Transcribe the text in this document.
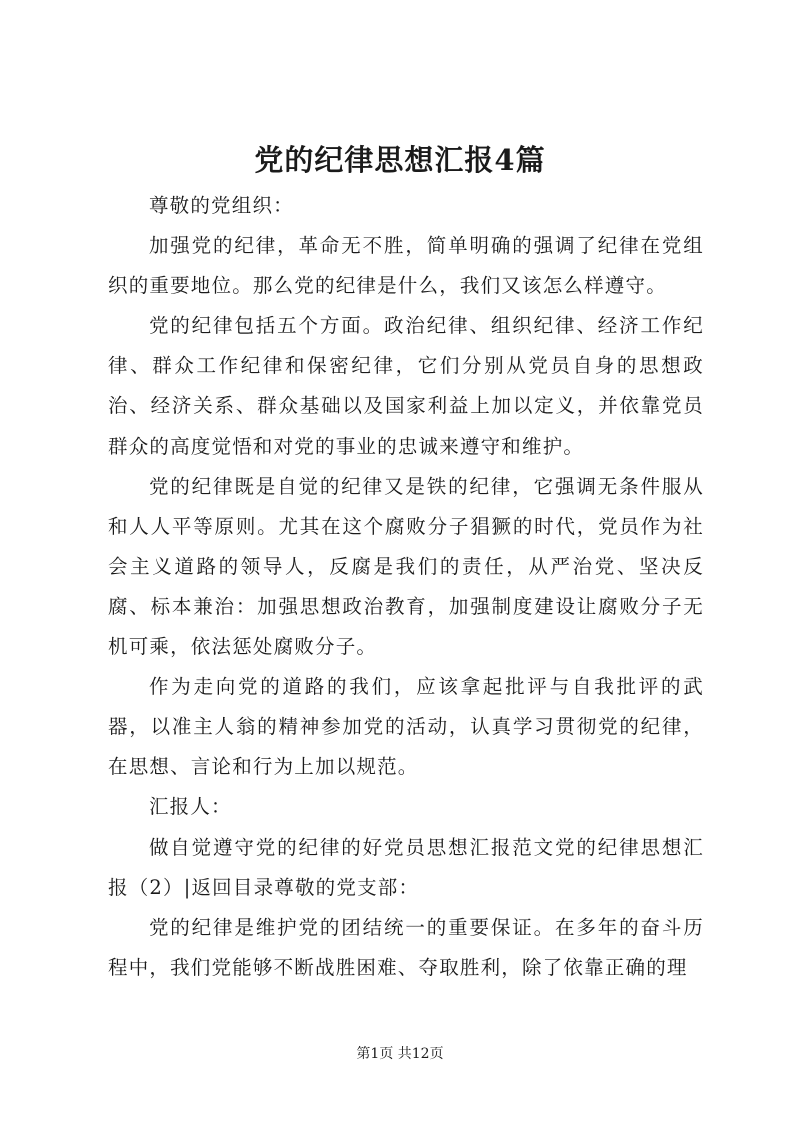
党的纪律思想汇报4篇

尊敬的党组织：

加强党的纪律，革命无不胜，简单明确的强调了纪律在党组织的重要地位。那么党的纪律是什么，我们又该怎么样遵守。

党的纪律包括五个方面。政治纪律、组织纪律、经济工作纪律、群众工作纪律和保密纪律，它们分别从党员自身的思想政治、经济关系、群众基础以及国家利益上加以定义，并依靠党员群众的高度觉悟和对党的事业的忠诚来遵守和维护。

党的纪律既是自觉的纪律又是铁的纪律，它强调无条件服从和人人平等原则。尤其在这个腐败分子猖獗的时代，党员作为社会主义道路的领导人，反腐是我们的责任，从严治党、坚决反腐、标本兼治：加强思想政治教育，加强制度建设让腐败分子无机可乘，依法惩处腐败分子。

作为走向党的道路的我们，应该拿起批评与自我批评的武器，以准主人翁的精神参加党的活动，认真学习贯彻党的纪律，在思想、言论和行为上加以规范。

汇报人：

做自觉遵守党的纪律的好党员思想汇报范文党的纪律思想汇报（2）|返回目录尊敬的党支部：

党的纪律是维护党的团结统一的重要保证。在多年的奋斗历程中，我们党能够不断战胜困难、夺取胜利，除了依靠正确的理

第1页 共12页
